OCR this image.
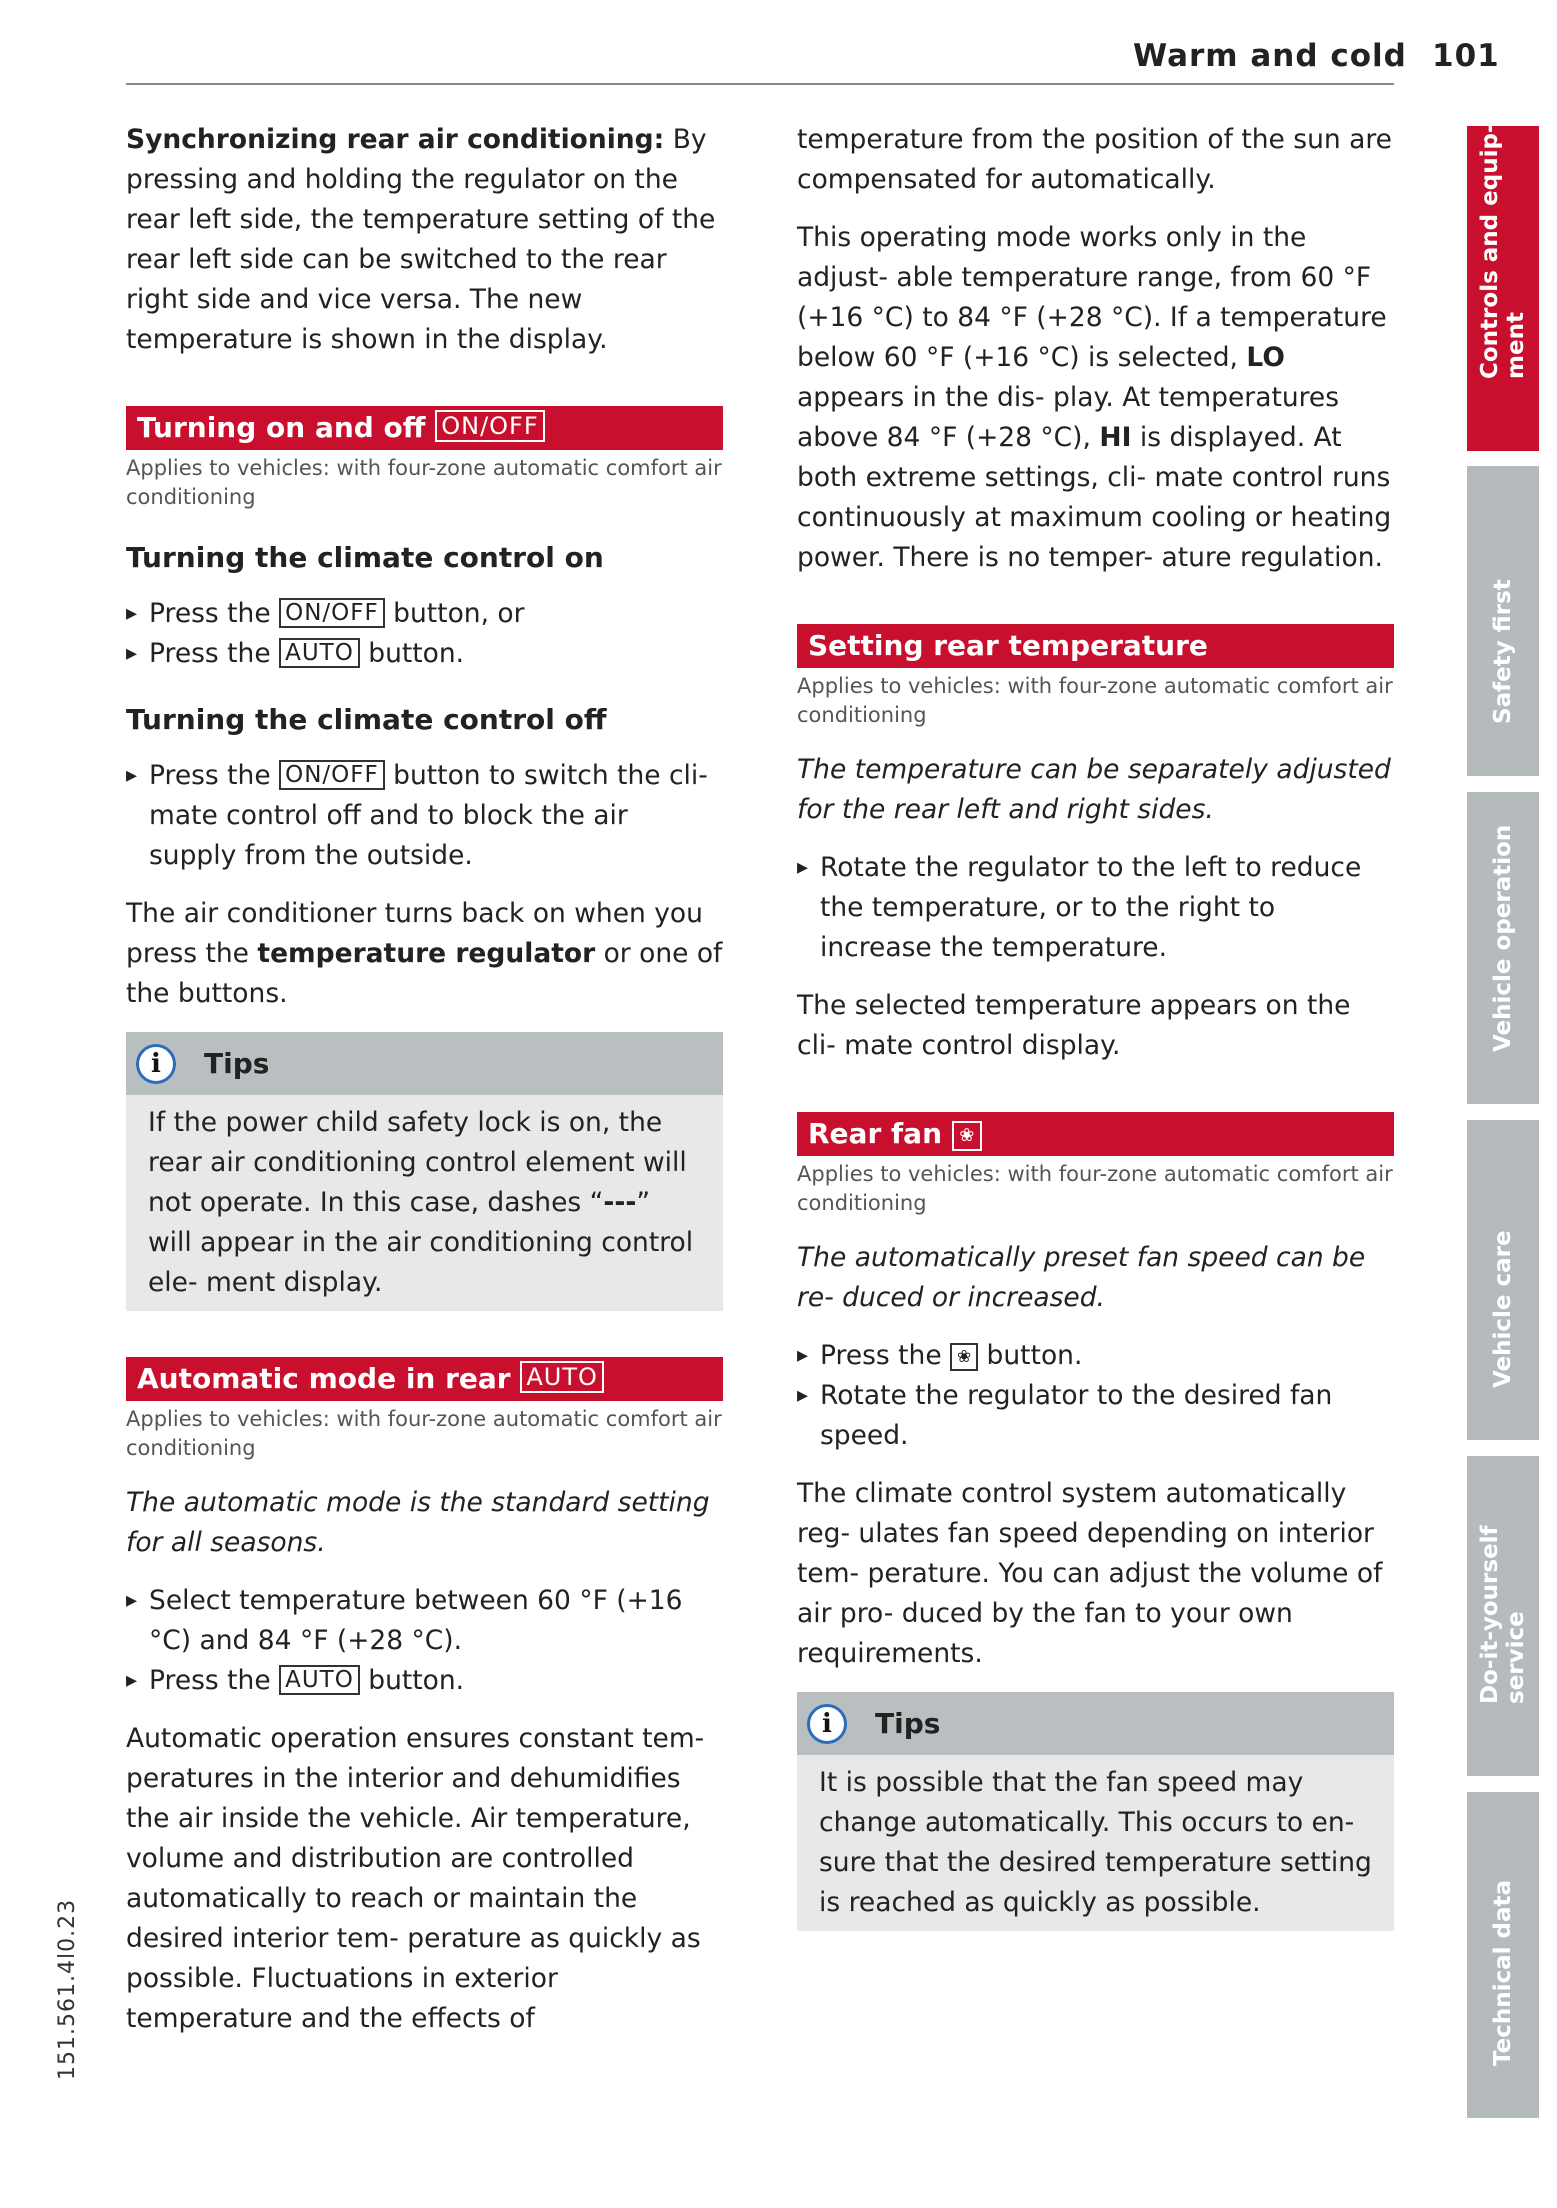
Warm and cold 101

Synchronizing rear air conditioning: By pressing and holding the regulator on the rear left side, the temperature setting of the rear left side can be switched to the rear right side and vice versa. The new temperature is shown in the display.

Turning on and off ON/OFF
Applies to vehicles: with four-zone automatic comfort air conditioning
Turning the climate control on
▸ Press the ON/OFF button, or
▸ Press the AUTO button.
Turning the climate control off
▸ Press the ON/OFF button to switch the cli- mate control off and to block the air supply from the outside.

The air conditioner turns back on when you press the temperature regulator or one of the buttons.

i	Tips
If the power child safety lock is on, the rear air conditioning control element will not operate. In this case, dashes “---” will appear in the air conditioning control ele- ment display.
Automatic mode in rear AUTO
Applies to vehicles: with four-zone automatic comfort air conditioning

The automatic mode is the standard setting for all seasons.

▸ Select temperature between 60 °F (+16 °C) and 84 °F (+28 °C).
▸ Press the AUTO button.

Automatic operation ensures constant tem- peratures in the interior and dehumidifies the air inside the vehicle. Air temperature, volume and distribution are controlled automatically to reach or maintain the desired interior tem- perature as quickly as possible. Fluctuations in exterior temperature and the effects of

temperature from the position of the sun are compensated for automatically.

This operating mode works only in the adjust- able temperature range, from 60 °F (+16 °C) to 84 °F (+28 °C). If a temperature below 60 °F (+16 °C) is selected, LO appears in the dis- play. At temperatures above 84 °F (+28 °C), HI is displayed. At both extreme settings, cli- mate control runs continuously at maximum cooling or heating power. There is no temper- ature regulation.

Setting rear temperature
Applies to vehicles: with four-zone automatic comfort air conditioning

The temperature can be separately adjusted for the rear left and right sides.

▸ Rotate the regulator to the left to reduce the temperature, or to the right to increase the temperature.

The selected temperature appears on the cli- mate control display.

Rear fan ❀
Applies to vehicles: with four-zone automatic comfort air conditioning

The automatically preset fan speed can be re- duced or increased.

▸ Press the ❀ button.
▸ Rotate the regulator to the desired fan speed.

The climate control system automatically reg- ulates fan speed depending on interior tem- perature. You can adjust the volume of air pro- duced by the fan to your own requirements.

i	Tips
It is possible that the fan speed may change automatically. This occurs to en- sure that the desired temperature setting is reached as quickly as possible.
Controls and equip- ment
Safety first
Vehicle operation
Vehicle care
Do-it-yourself service
Technical data
151.561.4l0.23
